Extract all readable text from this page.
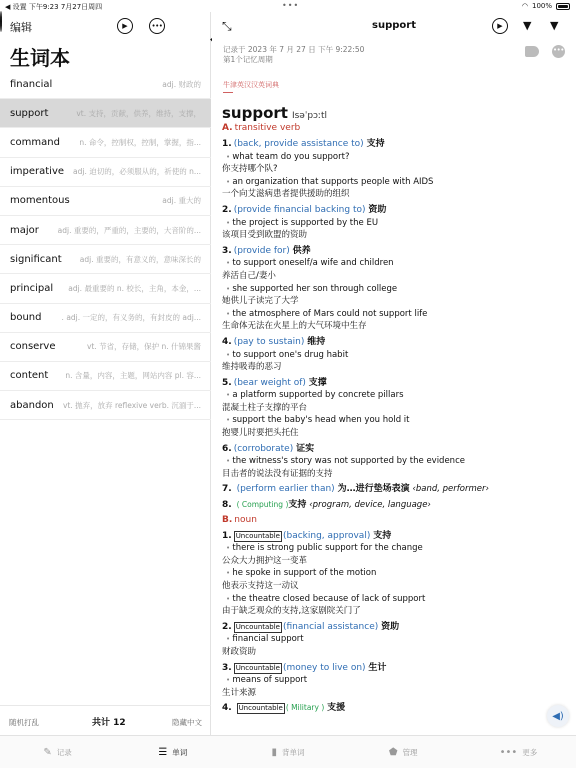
◀ 设置 下午9:23 7月27日周四	•••	◠ 100%
编辑	▶	•••
生词本
financial	adj. 财政的
support	vt. 支持，贡献，供养，维持，支撑，
command	n. 命令，控制权，控制，掌握，指...
imperative	adj. 迫切的，必须服从的，祈使的 n...
momentous	adj. 重大的
major	adj. 重要的，严重的，主要的，大音阶的...
significant	adj. 重要的，有意义的，意味深长的
principal	adj. 最重要的 n. 校长，主角，本金，...
bound	. adj. 一定的，有义务的，有封皮的 adj...
conserve	vt. 节省，存储，保护 n. 什锦果酱
content	n. 含量，内容，主题，网站内容 pl. 容...
abandon	vt. 抛弃，放弃 reflexive verb. 沉湎于...
随机打乱	共计 12	隐藏中文
⤡	support	▶	▼ ▼
记录于 2023 年 7 月 27 日 下午 9:22:50
第1个记忆周期
•••
牛津英汉汉英词典
support Isəˈpɔːtl
A. transitive verb
1. (back, provide assistance to) 支持
• what team do you support?
你支持哪个队?
• an organization that supports people with AIDS
一个向艾滋病患者提供援助的组织
2. (provide financial backing to) 资助
• the project is supported by the EU
该项目受到欧盟的资助
3. (provide for) 供养
• to support oneself/a wife and children
养活自己/妻小
• she supported her son through college
她供儿子读完了大学
• the atmosphere of Mars could not support life
生命体无法在火星上的大气环境中生存
4. (pay to sustain) 维持
• to support one's drug habit
维持吸毒的恶习
5. (bear weight of) 支撑
• a platform supported by concrete pillars
混凝土柱子支撑的平台
• support the baby's head when you hold it
抱婴儿时要把头托住
6. (corroborate) 证实
• the witness's story was not supported by the evidence
目击者的说法没有证据的支持
7. (perform earlier than) 为…进行垫场表演 ‹band, performer›
8. ( Computing )支持 ‹program, device, language›
B. noun
1. Uncountable (backing, approval) 支持
• there is strong public support for the change
公众大力拥护这一变革
• he spoke in support of the motion
他表示支持这一动议
• the theatre closed because of lack of support
由于缺乏观众的支持,这家剧院关门了
2. Uncountable (financial assistance) 资助
• financial support
财政资助
3. Uncountable (money to live on) 生计
• means of support
生计来源
4. Uncountable ( Military ) 支援
◀)
✎ 记录	☰ 单词	▮ 背单词	⬟ 管理	••• 更多
